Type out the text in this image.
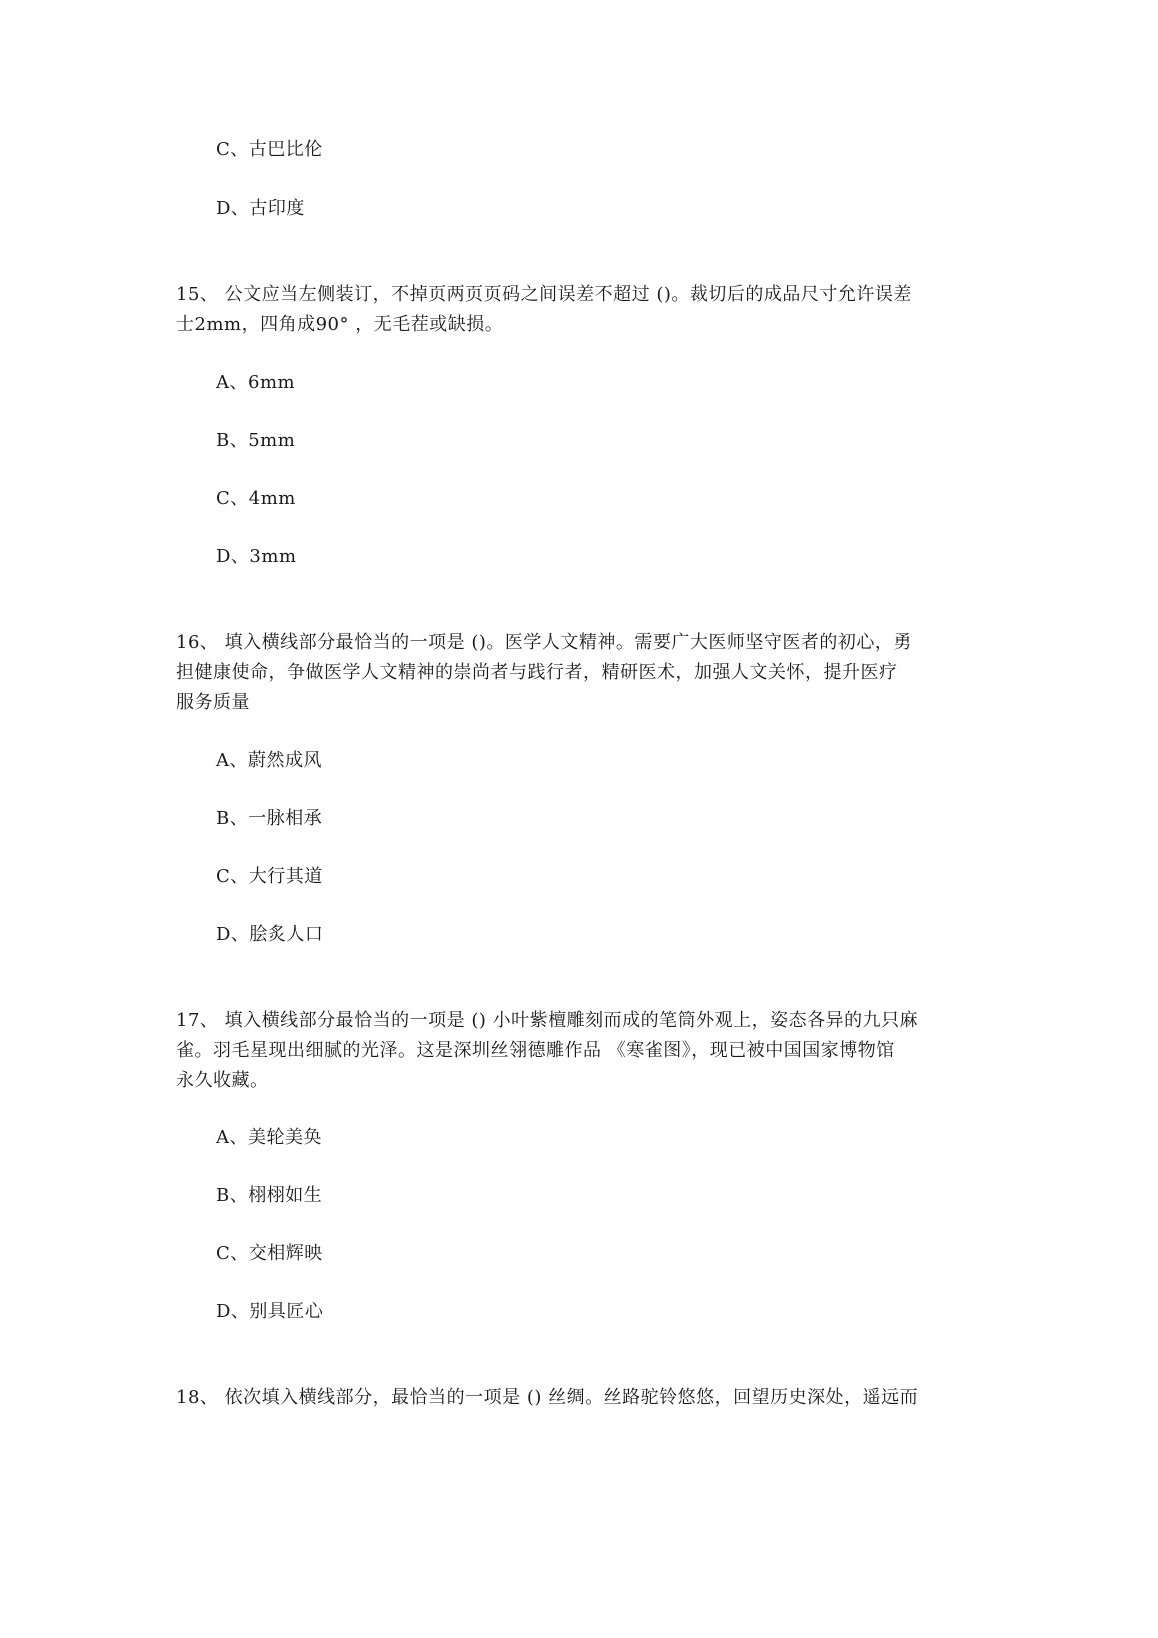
C、古巴比伦
D、古印度
15、 公文应当左侧装订，不掉页两页页码之间误差不超过 ()。裁切后的成品尺寸允许误差
士2mm，四角成90° ，无毛茬或缺损。
A、6mm
B、5mm
C、4mm
D、3mm
16、 填入横线部分最恰当的一项是 ()。医学人文精神。需要广大医师坚守医者的初心，勇
担健康使命，争做医学人文精神的崇尚者与践行者，精研医术，加强人文关怀，提升医疗
服务质量
A、蔚然成风
B、一脉相承
C、大行其道
D、脍炙人口
17、 填入横线部分最恰当的一项是 () 小叶紫檀雕刻而成的笔筒外观上，姿态各异的九只麻
雀。羽毛星现出细腻的光泽。这是深圳丝翎德雕作品 《寒雀图》，现已被中国国家博物馆
永久收藏。
A、美轮美奂
B、栩栩如生
C、交相辉映
D、别具匠心
18、 依次填入横线部分，最恰当的一项是 () 丝绸。丝路驼铃悠悠，回望历史深处，遥远而
